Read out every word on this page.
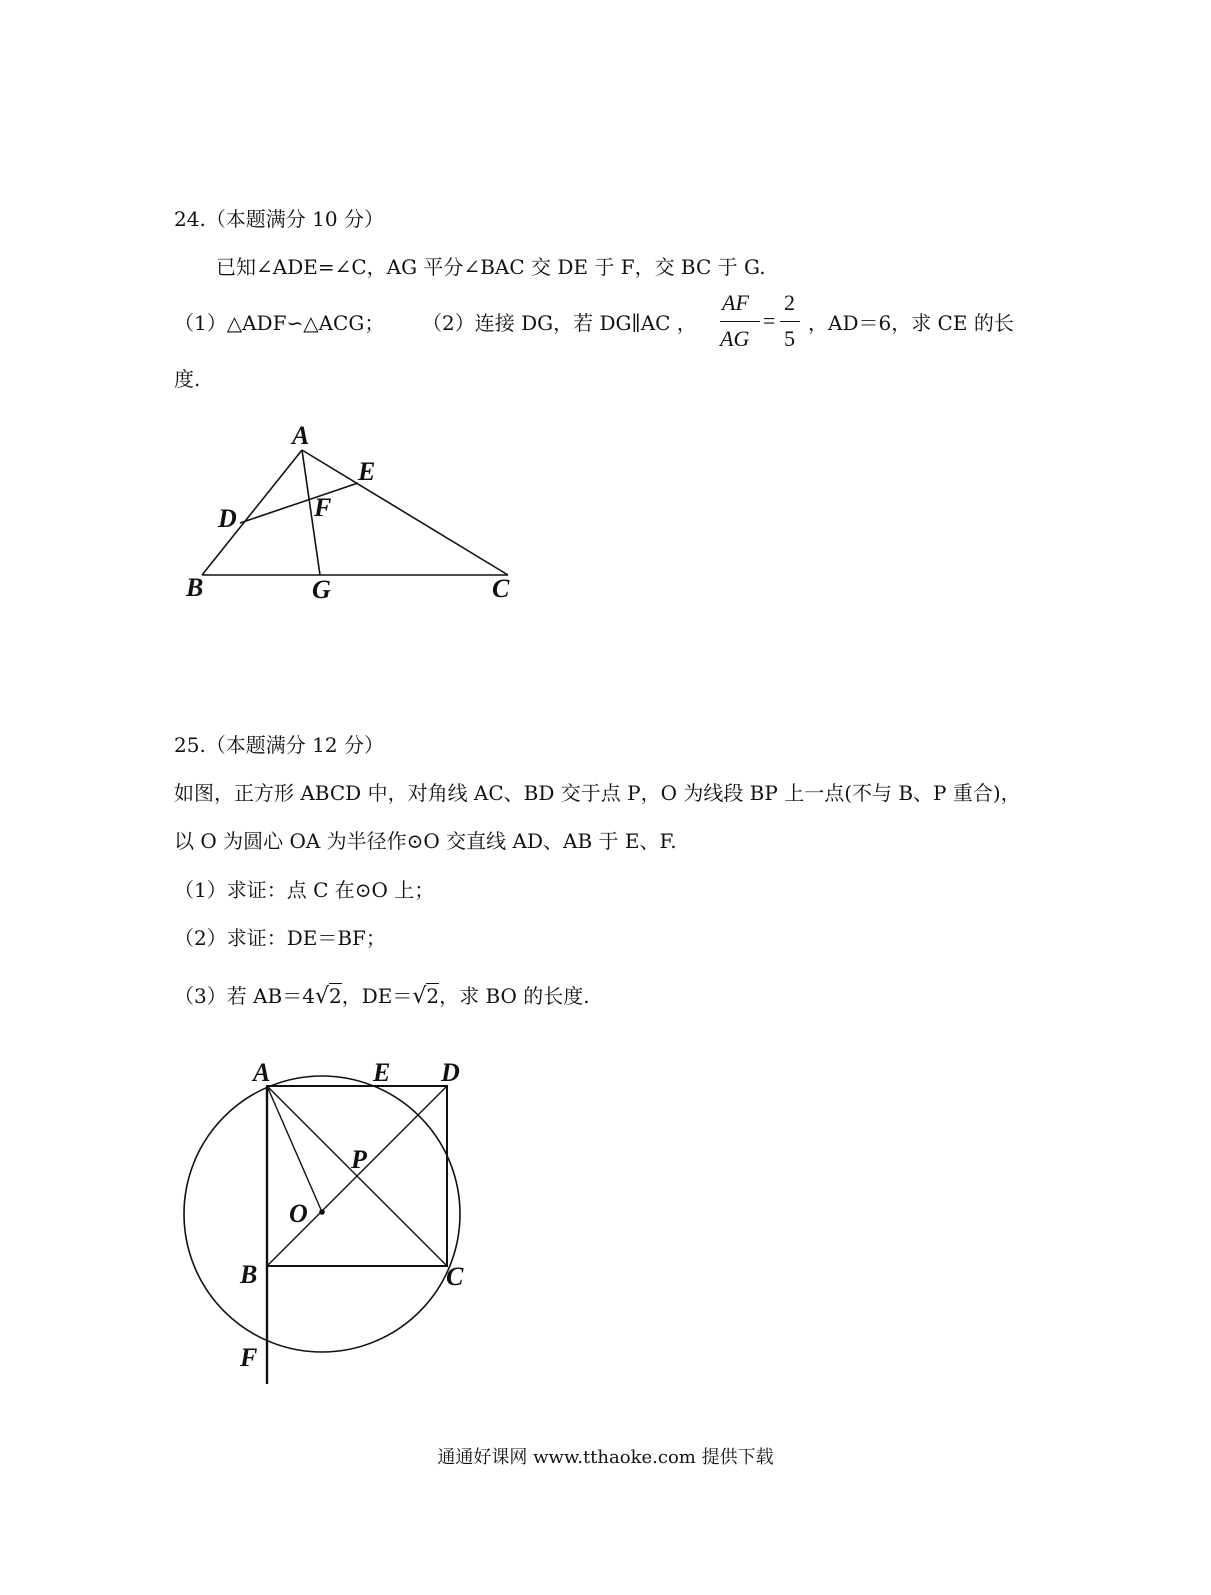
24.（本题满分 10 分）
已知∠ADE=∠C，AG 平分∠BAC 交 DE 于 F，交 BC 于 G.
（1）△ADF∽△ACG； （2）连接 DG，若 DG∥AC ，
AF
AG
=
2
5
，AD＝6，求 CE 的长
度.
25.（本题满分 12 分）
如图，正方形 ABCD 中，对角线 AC、BD 交于点 P，O 为线段 BP 上一点(不与 B、P 重合)，
以 O 为圆心 OA 为半径作⊙O 交直线 AD、AB 于 E、F.
（1）求证：点 C 在⊙O 上；
（2）求证：DE＝BF；
（3）若 AB＝4√2，DE＝√2，求 BO 的长度.
A
E
D	F
B	G	C
A	E D
P
O
B	C
F
通通好课网 www.tthaoke.com 提供下载
